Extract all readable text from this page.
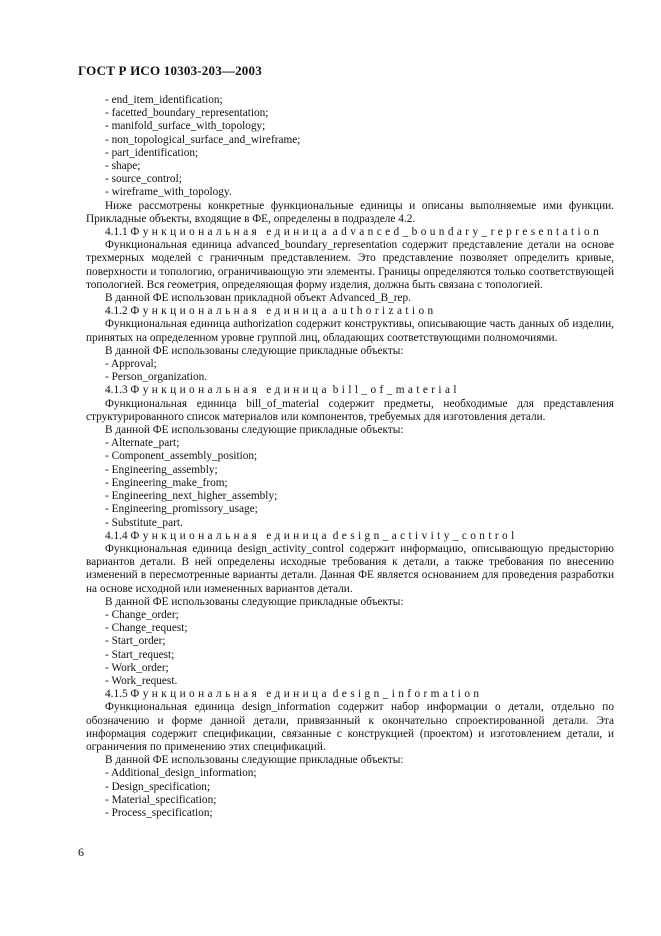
ГОСТ Р ИСО 10303-203—2003
- end_item_identification;
- facetted_boundary_representation;
- manifold_surface_with_topology;
- non_topological_surface_and_wireframe;
- part_identification;
- shape;
- source_control;
- wireframe_with_topology.
Ниже рассмотрены конкретные функциональные единицы и описаны выполняемые ими функции. Прикладные объекты, входящие в ФЕ, определены в подразделе 4.2.
4.1.1 Функциональная единица advanced_boundary_representation
Функциональная единица advanced_boundary_representation содержит представление детали на основе трехмерных моделей с граничным представлением. Это представление позволяет определить кривые, поверхности и топологию, ограничивающую эти элементы. Границы определяются только соответствующей топологией. Вся геометрия, определяющая форму изделия, должна быть связана с топологией.
В данной ФЕ использован прикладной объект Advanced_B_rep.
4.1.2 Функциональная единица authorization
Функциональная единица authorization содержит конструктивы, описывающие часть данных об изделии, принятых на определенном уровне группой лиц, обладающих соответствующими полномочиями.
В данной ФЕ использованы следующие прикладные объекты:
- Approval;
- Person_organization.
4.1.3 Функциональная единица bill_of_material
Функциональная единица bill_of_material содержит предметы, необходимые для представления структурированного список материалов или компонентов, требуемых для изготовления детали.
В данной ФЕ использованы следующие прикладные объекты:
- Alternate_part;
- Component_assembly_position;
- Engineering_assembly;
- Engineering_make_from;
- Engineering_next_higher_assembly;
- Engineering_promissory_usage;
- Substitute_part.
4.1.4 Функциональная единица design_activity_control
Функциональная единица design_activity_control содержит информацию, описывающую предысторию вариантов детали. В ней определены исходные требования к детали, а также требования по внесению изменений в пересмотренные варианты детали. Данная ФЕ является основанием для проведения разработки на основе исходной или измененных вариантов детали.
В данной ФЕ использованы следующие прикладные объекты:
- Change_order;
- Change_request;
- Start_order;
- Start_request;
- Work_order;
- Work_request.
4.1.5 Функциональная единица design_information
Функциональная единица design_information содержит набор информации о детали, отдельно по обозначению и форме данной детали, привязанный к окончательно спроектированной детали. Эта информация содержит спецификации, связанные с конструкцией (проектом) и изготовлением детали, и ограничения по применению этих спецификаций.
В данной ФЕ использованы следующие прикладные объекты:
- Additional_design_information;
- Design_specification;
- Material_specification;
- Process_specification;
6
